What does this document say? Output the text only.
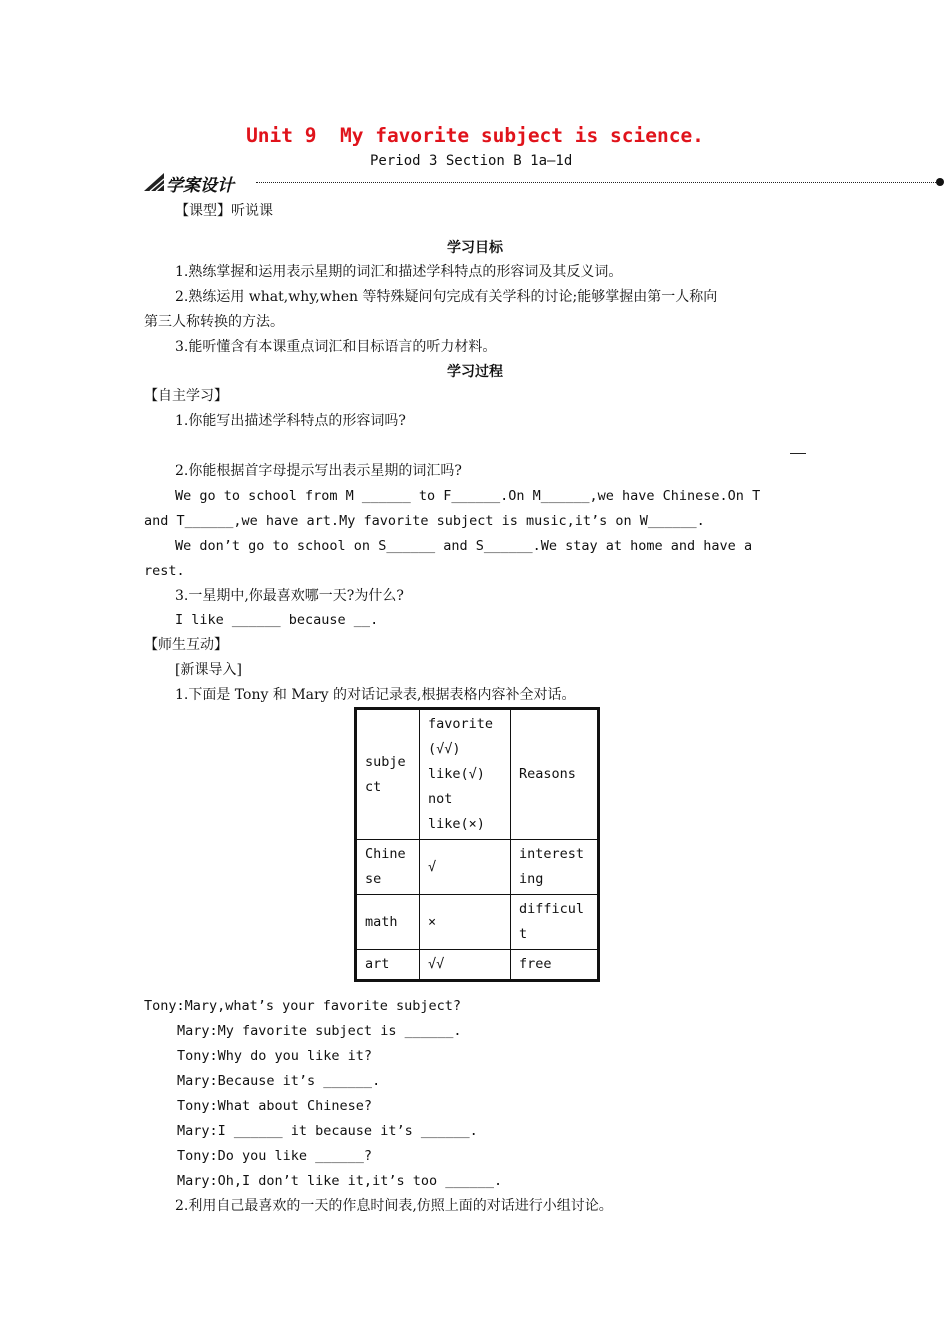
Unit 9  My favorite subject is science.
Period 3 Section B 1a—1d
学案设计
【课型】听说课
学习目标
1.熟练掌握和运用表示星期的词汇和描述学科特点的形容词及其反义词。
2.熟练运用 what,why,when 等特殊疑问句完成有关学科的讨论;能够掌握由第一人称向
第三人称转换的方法。
3.能听懂含有本课重点词汇和目标语言的听力材料。
学习过程
【自主学习】
1.你能写出描述学科特点的形容词吗?
2.你能根据首字母提示写出表示星期的词汇吗?
We go to school from M ______ to F______.On M______,we have Chinese.On T
and T______,we have art.My favorite subject is music,it’s on W______.
We don’t go to school on S______ and S______.We stay at home and have a
rest.
3.一星期中,你最喜欢哪一天?为什么?
I like ______ because __.
【师生互动】
[新课导入]
1.下面是 Tony 和 Mary 的对话记录表,根据表格内容补全对话。
subje
ct	favorite
(√√)
like(√)
not
like(×)	Reasons
Chine
se	√	interest
ing
math	×	difficul
t
art	√√	free
Tony:Mary,what’s your favorite subject?
Mary:My favorite subject is ______.
Tony:Why do you like it?
Mary:Because it’s ______.
Tony:What about Chinese?
Mary:I ______ it because it’s ______.
Tony:Do you like ______?
Mary:Oh,I don’t like it,it’s too ______.
2.利用自己最喜欢的一天的作息时间表,仿照上面的对话进行小组讨论。
